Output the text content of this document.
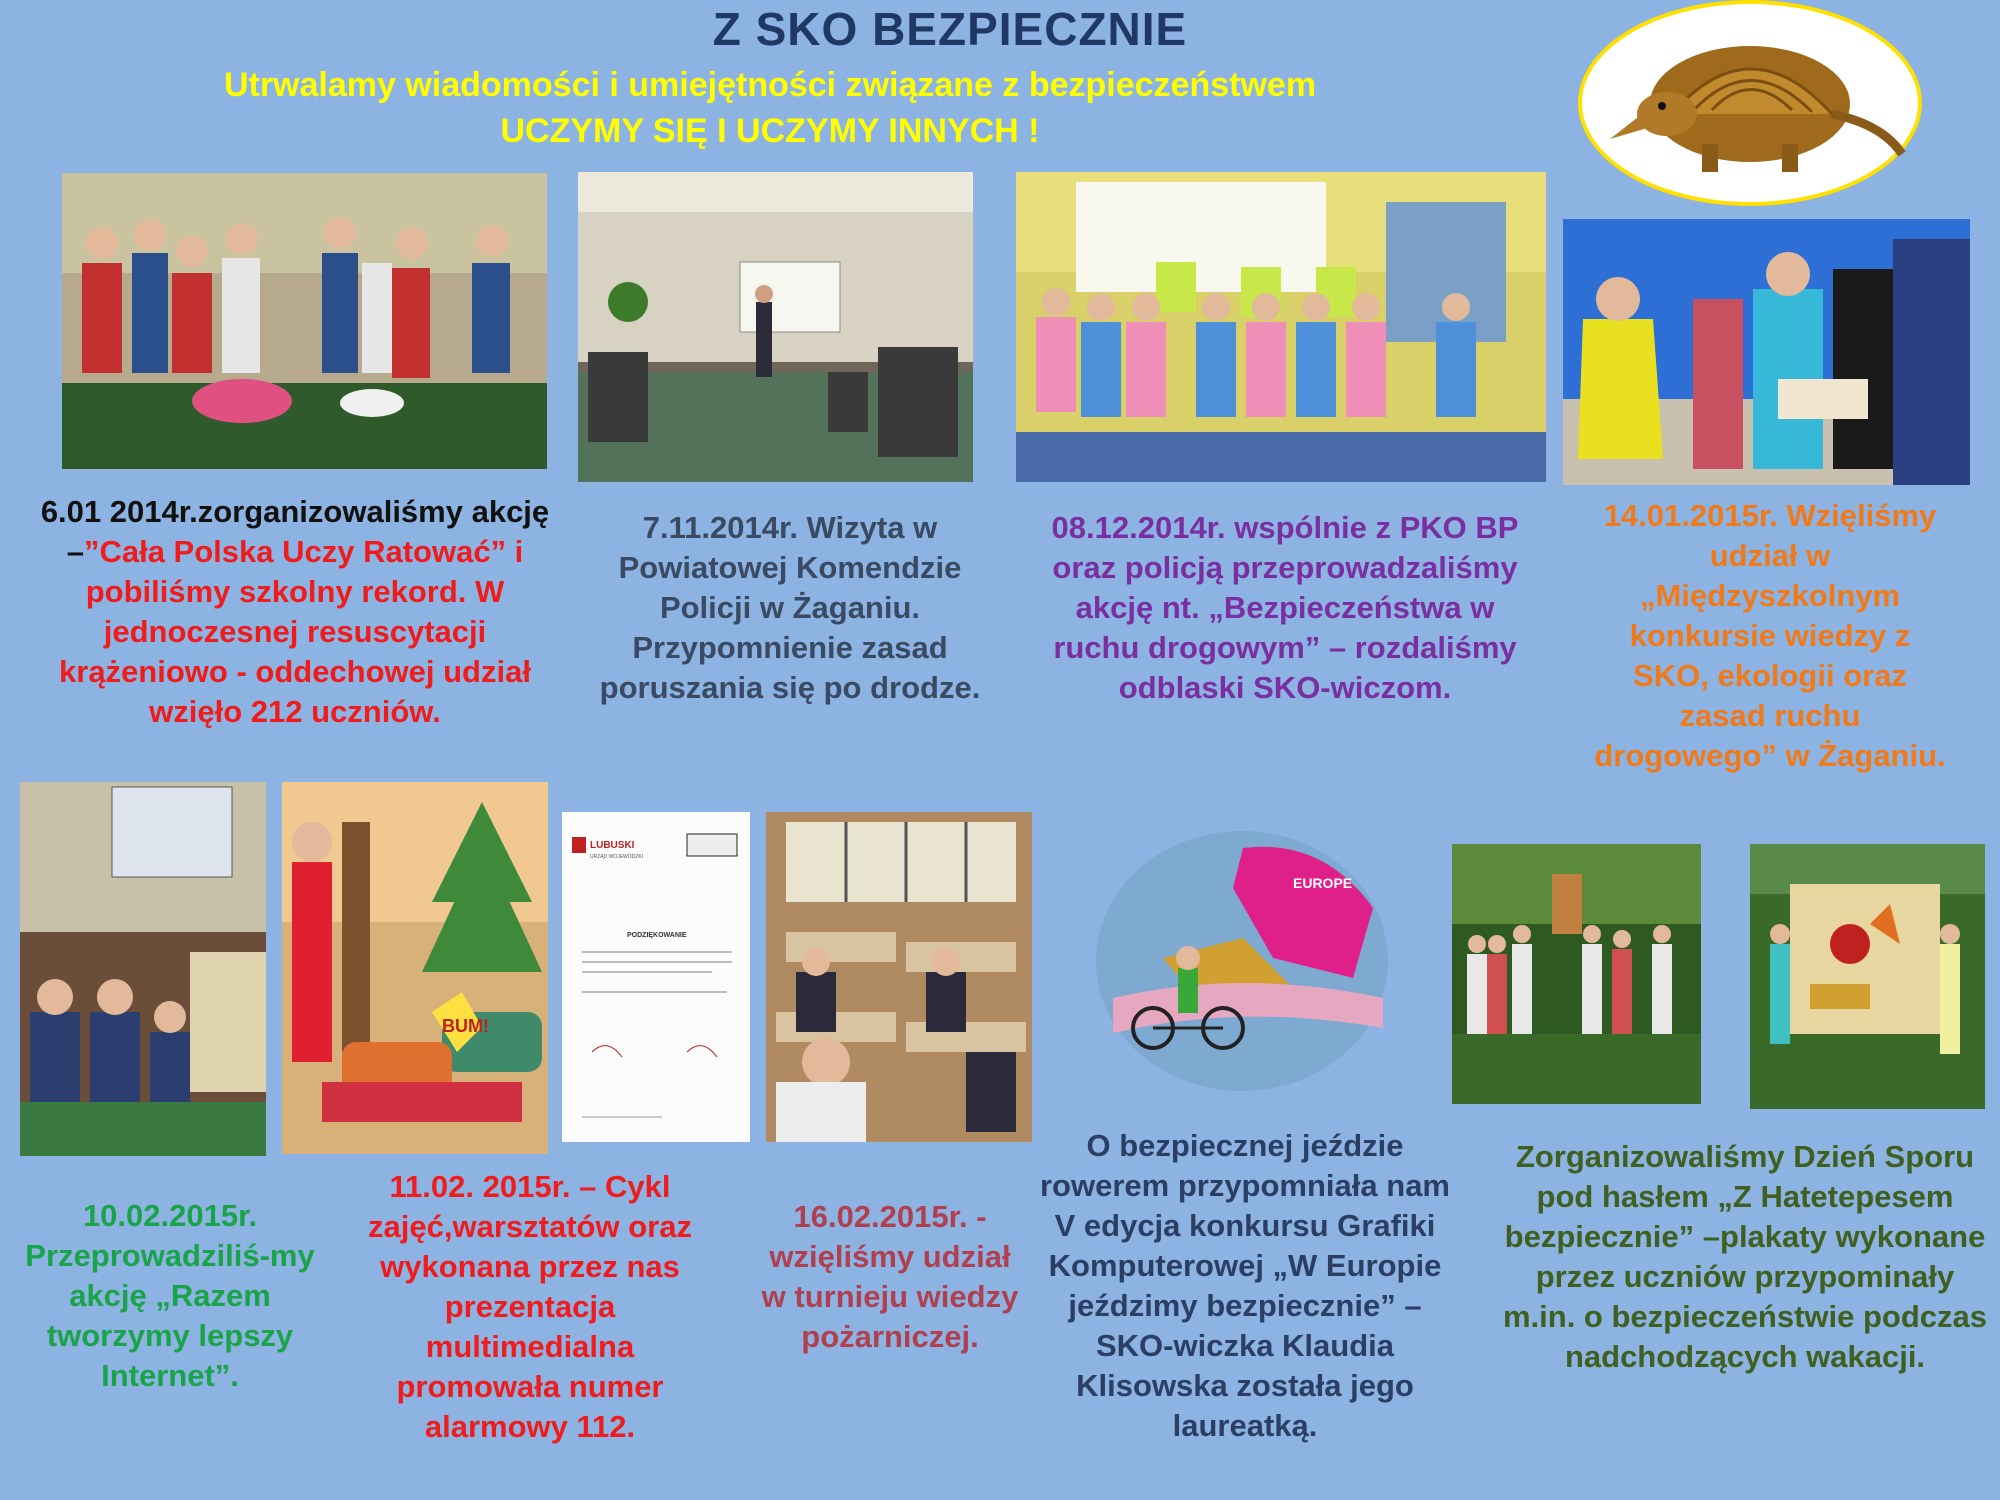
Z SKO BEZPIECZNIE
Utrwalamy wiadomości i umiejętności związane z bezpieczeństwem
UCZYMY SIĘ I UCZYMY INNYCH !
6.01 2014r.zorganizowaliśmy akcję –”Cała Polska Uczy Ratować” i pobiliśmy szkolny rekord. W jednoczesnej resuscytacji krążeniowo - oddechowej udział wzięło 212 uczniów.
7.11.2014r. Wizyta w Powiatowej Komendzie Policji w Żaganiu. Przypomnienie zasad poruszania się po drodze.
08.12.2014r. wspólnie z PKO BP oraz policją przeprowadzaliśmy akcję nt. „Bezpieczeństwa w ruchu drogowym” – rozdaliśmy odblaski SKO-wiczom.
14.01.2015r. Wzięliśmy udział w „Międzyszkolnym konkursie wiedzy z SKO, ekologii oraz zasad ruchu drogowego” w Żaganiu.
BUM!
LUBUSKI
URZĄD WOJEWÓDZKI
PODZIĘKOWANIE
EUROPE
10.02.2015r. Przeprowadziliś-my akcję „Razem tworzymy lepszy Internet”.
11.02. 2015r. – Cykl zajęć,warsztatów oraz wykonana przez nas prezentacja multimedialna promowała numer alarmowy 112.
16.02.2015r. -wzięliśmy udział w turnieju wiedzy pożarniczej.
O bezpiecznej jeździe rowerem przypomniała nam V edycja konkursu Grafiki Komputerowej „W Europie jeździmy bezpiecznie” –SKO-wiczka Klaudia Klisowska została jego laureatką.
Zorganizowaliśmy Dzień Sporu pod hasłem „Z Hatetepesem bezpiecznie” –plakaty wykonane przez uczniów przypominały m.in. o bezpieczeństwie podczas nadchodzących wakacji.
